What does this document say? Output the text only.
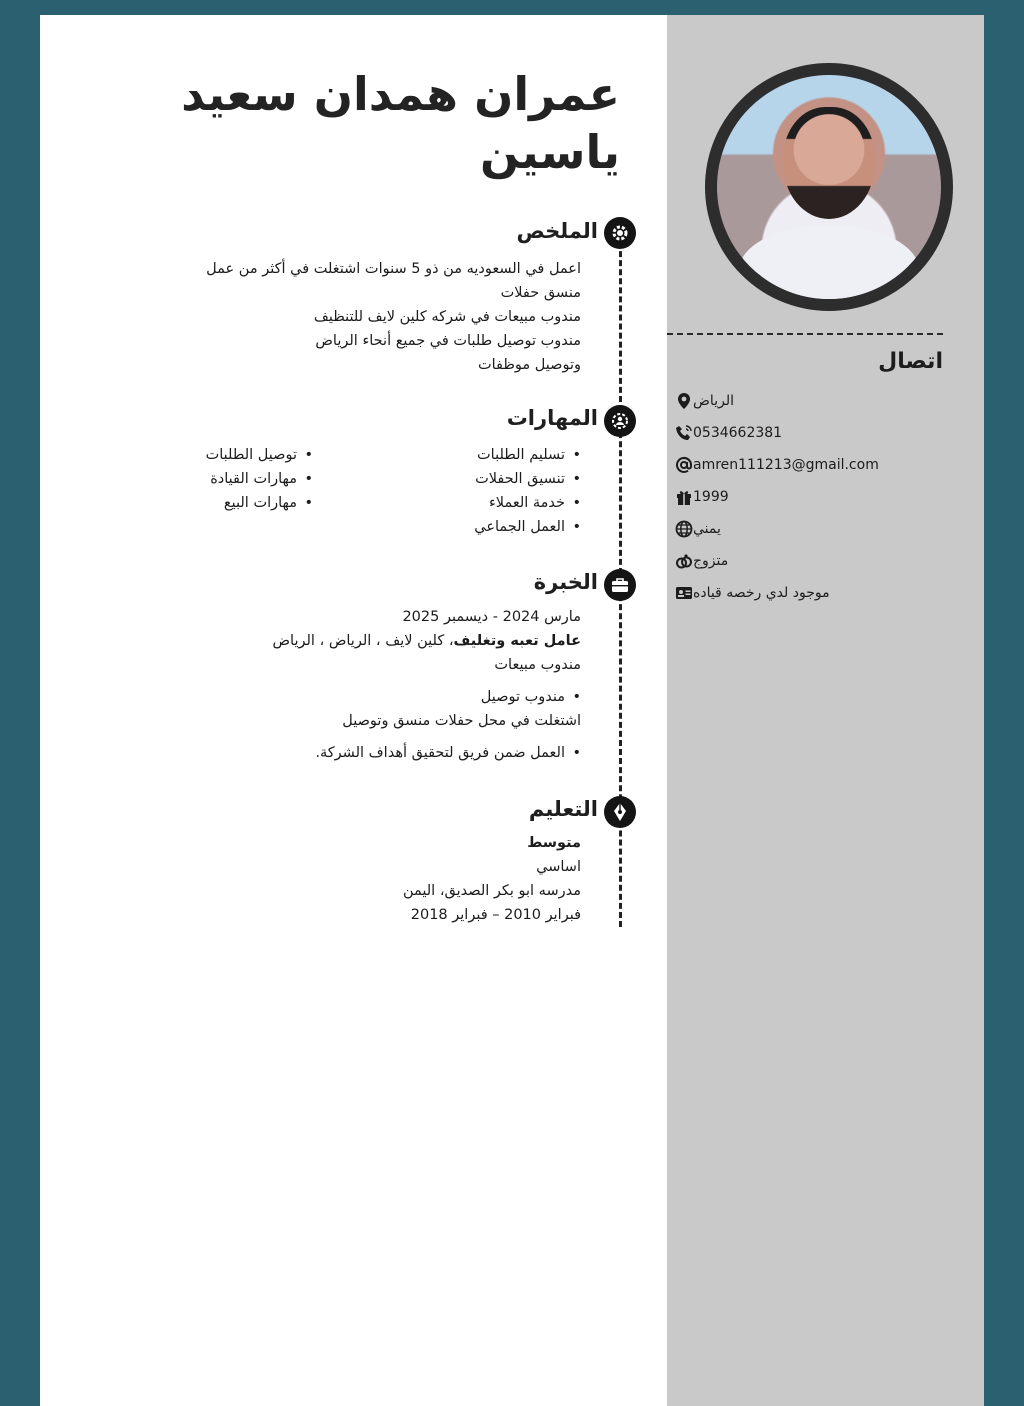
اتصال
الرياض
0534662381
amren111213@gmail.com
1999
يمني
متزوج
موجود لدي رخصه قياده
عمران همدان سعيد
ياسين
الملخص
اعمل في السعوديه من ذو 5 سنوات اشتغلت في أكثر من عمل
منسق حفلات
مندوب مبيعات في شركه كلين لايف للتنظيف
مندوب توصيل طلبات في جميع أنحاء الرياض
وتوصيل موظفات
المهارات
• تسليم الطلبات
• تنسيق الحفلات
• خدمة العملاء
• العمل الجماعي
• توصيل الطلبات
• مهارات القيادة
• مهارات البيع
الخبرة
مارس 2024 - ديسمبر 2025
عامل تعبه وتغليف، كلين لايف ، الرياض ، الرياض
مندوب مبيعات
• مندوب توصيل
اشتغلت في محل حفلات منسق وتوصيل
• العمل ضمن فريق لتحقيق أهداف الشركة.
التعليم
متوسط
اساسي
مدرسه ابو بكر الصديق، اليمن
فبراير 2010 – فبراير 2018
